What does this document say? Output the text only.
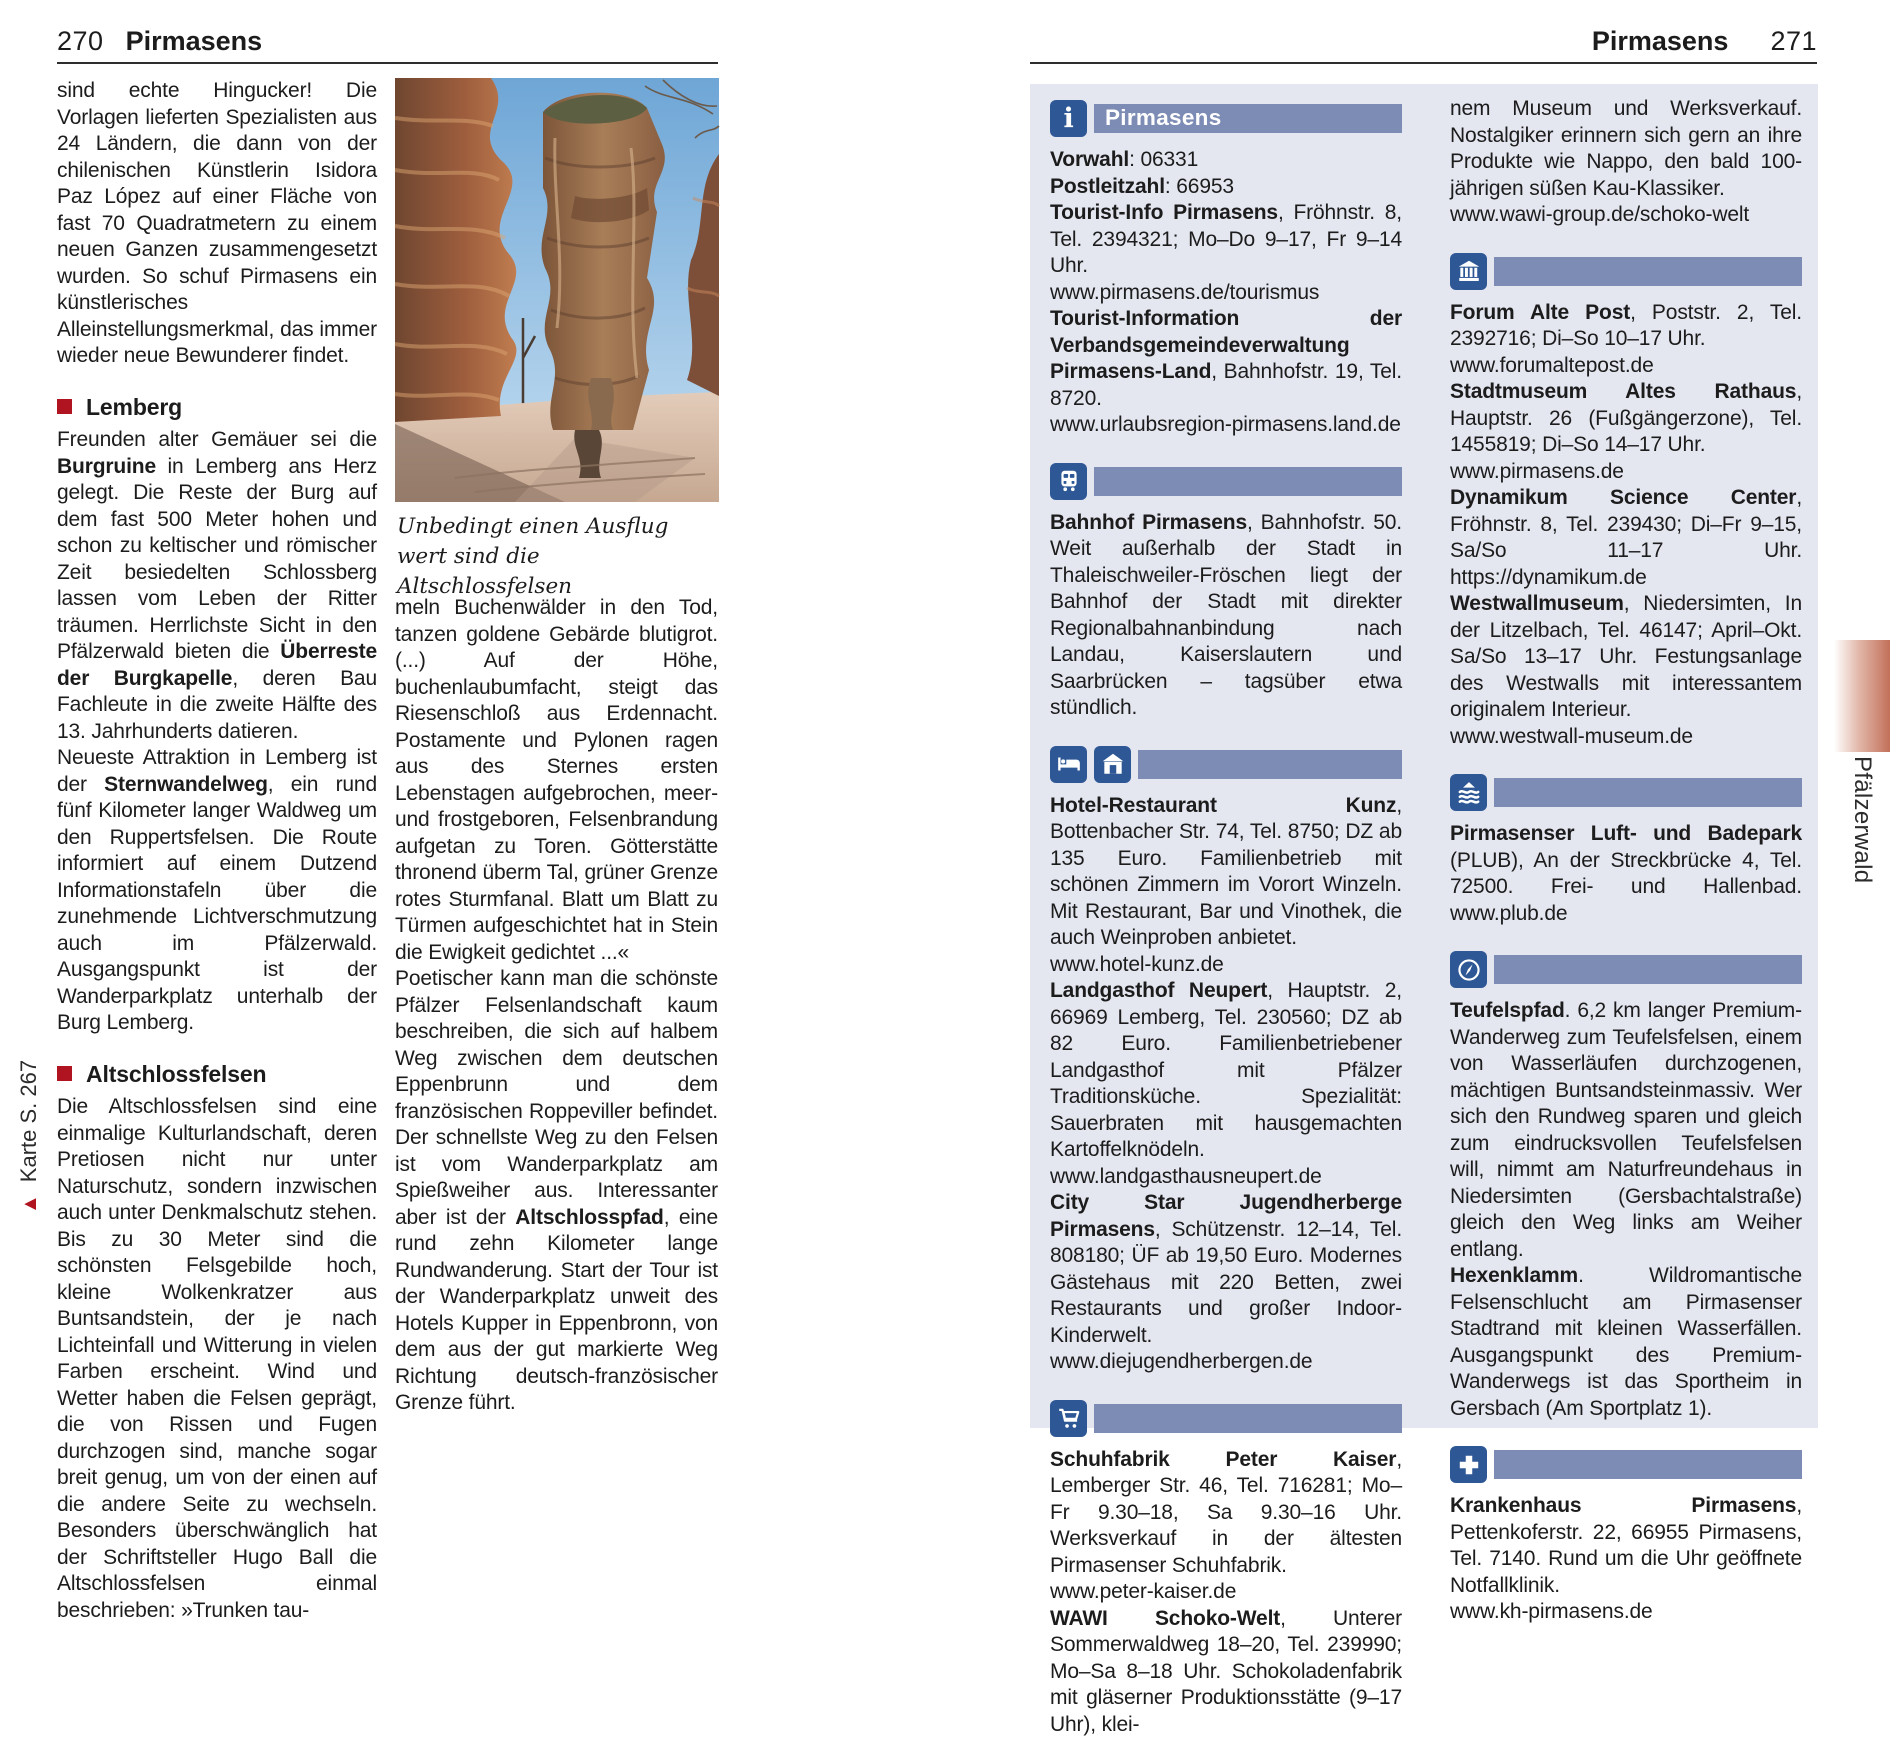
270 Pirmasens	Pirmasens 271

sind echte Hingucker! Die Vorlagen lieferten Spezialisten aus 24 Ländern, die dann von der chilenischen Künstlerin Isidora Paz López auf einer Fläche von fast 70 Quadratmetern zu einem neuen Ganzen zusammengesetzt wurden. So schuf Pirmasens ein künstlerisches Alleinstellungsmerkmal, das immer wieder neue Bewunderer findet.

Lemberg

Freunden alter Gemäuer sei die Burgruine in Lemberg ans Herz gelegt. Die Reste der Burg auf dem fast 500 Meter hohen und schon zu keltischer und römischer Zeit besiedelten Schlossberg lassen vom Leben der Ritter träumen. Herrlichste Sicht in den Pfälzerwald bieten die Überreste der Burgkapelle, deren Bau Fachleute in die zweite Hälfte des 13. Jahrhunderts datieren.

Neueste Attraktion in Lemberg ist der Sternwandelweg, ein rund fünf Kilometer langer Waldweg um den Ruppertsfelsen. Die Route informiert auf einem Dutzend Informationstafeln über die zunehmende Lichtverschmutzung auch im Pfälzerwald. Ausgangspunkt ist der Wanderparkplatz unterhalb der Burg Lemberg.

Altschlossfelsen

Die Altschlossfelsen sind eine einmalige Kulturlandschaft, deren Pretiosen nicht nur unter Naturschutz, sondern inzwischen auch unter Denkmalschutz stehen. Bis zu 30 Meter sind die schönsten Felsgebilde hoch, kleine Wolkenkratzer aus Buntsandstein, der je nach Lichteinfall und Witterung in vielen Farben erscheint. Wind und Wetter haben die Felsen geprägt, die von Rissen und Fugen durchzogen sind, manche sogar breit genug, um von der einen auf die andere Seite zu wechseln. Besonders überschwänglich hat der Schriftsteller Hugo Ball die Altschlossfelsen einmal beschrieben: »Trunken tau-

Unbedingt einen Ausflug wert sind die Altschlossfelsen

meln Buchenwälder in den Tod, tanzen goldene Gebärde blutigrot. (...) Auf der Höhe, buchenlaubumfacht, steigt das Riesenschloß aus Erdennacht. Postamente und Pylonen ragen aus des Sternes ersten Lebenstagen aufgebrochen, meer- und frostgeboren, Felsenbrandung aufgetan zu Toren. Götterstätte thronend überm Tal, grüner Grenze rotes Sturmfanal. Blatt um Blatt zu Türmen aufgeschichtet hat in Stein die Ewigkeit gedichtet ...«

Poetischer kann man die schönste Pfälzer Felsenlandschaft kaum beschreiben, die sich auf halbem Weg zwischen dem deutschen Eppenbrunn und dem französischen Roppeviller befindet. Der schnellste Weg zu den Felsen ist vom Wanderparkplatz am Spießweiher aus. Interessanter aber ist der Altschlosspfad, eine rund zehn Kilometer lange Rundwanderung. Start der Tour ist der Wanderparkplatz unweit des Hotels Kupper in Eppenbronn, von dem aus der gut markierte Weg Richtung deutsch-französischer Grenze führt.

▲Karte S. 267
i	Pirmasens

Vorwahl: 06331

Postleitzahl: 66953

Tourist-Info Pirmasens, Fröhnstr. 8, Tel. 2394321; Mo–Do 9–17, Fr 9–14 Uhr.
www.pirmasens.de/tourismus

Tourist-Information der Verbandsgemeindeverwaltung Pirmasens-Land, Bahnhofstr. 19, Tel. 8720.
www.urlaubsregion-pirmasens.land.de

Bahnhof Pirmasens, Bahnhofstr. 50. Weit außerhalb der Stadt in Thaleischweiler-Fröschen liegt der Bahnhof der Stadt mit direkter Regionalbahnanbindung nach Landau, Kaiserslautern und Saarbrücken – tagsüber etwa stündlich.

Hotel-Restaurant Kunz, Bottenbacher Str. 74, Tel. 8750; DZ ab 135 Euro. Familienbetrieb mit schönen Zimmern im Vorort Winzeln. Mit Restaurant, Bar und Vinothek, die auch Weinproben anbietet.
www.hotel-kunz.de

Landgasthof Neupert, Hauptstr. 2, 66969 Lemberg, Tel. 230560; DZ ab 82 Euro. Familienbetriebener Landgasthof mit Pfälzer Traditionsküche. Spezialität: Sauerbraten mit hausgemachten Kartoffelknödeln.
www.landgasthausneupert.de

City Star Jugendherberge Pirmasens, Schützenstr. 12–14, Tel. 808180; ÜF ab 19,50 Euro. Modernes Gästehaus mit 220 Betten, zwei Restaurants und großer Indoor-Kinderwelt.
www.diejugendherbergen.de

Schuhfabrik Peter Kaiser, Lemberger Str. 46, Tel. 716281; Mo–Fr 9.30–18, Sa 9.30–16 Uhr. Werksverkauf in der ältesten Pirmasenser Schuhfabrik.
www.peter-kaiser.de

WAWI Schoko-Welt, Unterer Sommerwaldweg 18–20, Tel. 239990; Mo–Sa 8–18 Uhr. Schokoladenfabrik mit gläserner Produktionsstätte (9–17 Uhr), klei-

nem Museum und Werksverkauf. Nostalgiker erinnern sich gern an ihre Produkte wie Nappo, den bald 100-jährigen süßen Kau-Klassiker.
www.wawi-group.de/schoko-welt

Forum Alte Post, Poststr. 2, Tel. 2392716; Di–So 10–17 Uhr.
www.forumaltepost.de

Stadtmuseum Altes Rathaus, Hauptstr. 26 (Fußgängerzone), Tel. 1455819; Di–So 14–17 Uhr.
www.pirmasens.de

Dynamikum Science Center, Fröhnstr. 8, Tel. 239430; Di–Fr 9–15, Sa/So 11–17 Uhr. https://dynamikum.de

Westwallmuseum, Niedersimten, In der Litzelbach, Tel. 46147; April–Okt. Sa/So 13–17 Uhr. Festungsanlage des Westwalls mit interessantem originalem Interieur.
www.westwall-museum.de

Pirmasenser Luft- und Badepark (PLUB), An der Streckbrücke 4, Tel. 72500. Frei- und Hallenbad. www.plub.de

Teufelspfad. 6,2 km langer Premium-Wanderweg zum Teufelsfelsen, einem von Wasserläufen durchzogenen, mächtigen Buntsandsteinmassiv. Wer sich den Rundweg sparen und gleich zum eindrucksvollen Teufelsfelsen will, nimmt am Naturfreundehaus in Niedersimten (Gersbachtalstraße) gleich den Weg links am Weiher entlang.

Hexenklamm. Wildromantische Felsenschlucht am Pirmasenser Stadtrand mit kleinen Wasserfällen. Ausgangspunkt des Premium-Wanderwegs ist das Sportheim in Gersbach (Am Sportplatz 1).

Krankenhaus Pirmasens, Pettenkoferstr. 22, 66955 Pirmasens, Tel. 7140. Rund um die Uhr geöffnete Notfallklinik.
www.kh-pirmasens.de

Pfälzerwald
